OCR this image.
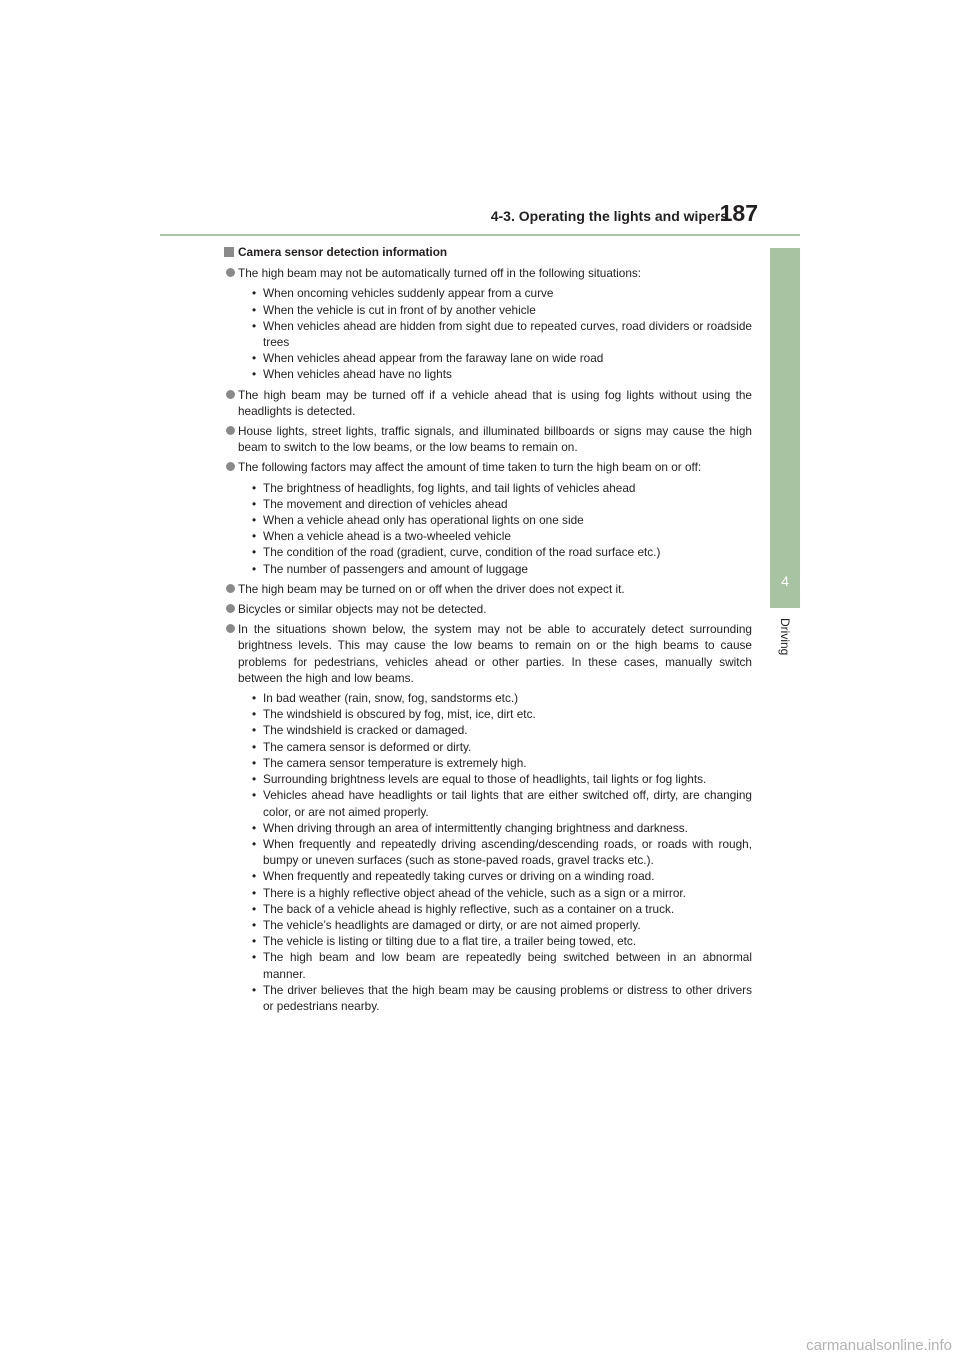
4-3. Operating the lights and wipers
187
4
Driving
Camera sensor detection information
The high beam may not be automatically turned off in the following situations:
• When oncoming vehicles suddenly appear from a curve
• When the vehicle is cut in front of by another vehicle
• When vehicles ahead are hidden from sight due to repeated curves, road dividers or roadside trees
• When vehicles ahead appear from the faraway lane on wide road
• When vehicles ahead have no lights
The high beam may be turned off if a vehicle ahead that is using fog lights without using the headlights is detected.
House lights, street lights, traffic signals, and illuminated billboards or signs may cause the high beam to switch to the low beams, or the low beams to remain on.
The following factors may affect the amount of time taken to turn the high beam on or off:
• The brightness of headlights, fog lights, and tail lights of vehicles ahead
• The movement and direction of vehicles ahead
• When a vehicle ahead only has operational lights on one side
• When a vehicle ahead is a two-wheeled vehicle
• The condition of the road (gradient, curve, condition of the road surface etc.)
• The number of passengers and amount of luggage
The high beam may be turned on or off when the driver does not expect it.
Bicycles or similar objects may not be detected.
In the situations shown below, the system may not be able to accurately detect surrounding brightness levels. This may cause the low beams to remain on or the high beams to cause problems for pedestrians, vehicles ahead or other parties. In these cases, manually switch between the high and low beams.
• In bad weather (rain, snow, fog, sandstorms etc.)
• The windshield is obscured by fog, mist, ice, dirt etc.
• The windshield is cracked or damaged.
• The camera sensor is deformed or dirty.
• The camera sensor temperature is extremely high.
• Surrounding brightness levels are equal to those of headlights, tail lights or fog lights.
• Vehicles ahead have headlights or tail lights that are either switched off, dirty, are changing color, or are not aimed properly.
• When driving through an area of intermittently changing brightness and darkness.
• When frequently and repeatedly driving ascending/descending roads, or roads with rough, bumpy or uneven surfaces (such as stone-paved roads, gravel tracks etc.).
• When frequently and repeatedly taking curves or driving on a winding road.
• There is a highly reflective object ahead of the vehicle, such as a sign or a mirror.
• The back of a vehicle ahead is highly reflective, such as a container on a truck.
• The vehicle’s headlights are damaged or dirty, or are not aimed properly.
• The vehicle is listing or tilting due to a flat tire, a trailer being towed, etc.
• The high beam and low beam are repeatedly being switched between in an abnormal manner.
• The driver believes that the high beam may be causing problems or distress to other drivers or pedestrians nearby.
carmanualsonline.info
